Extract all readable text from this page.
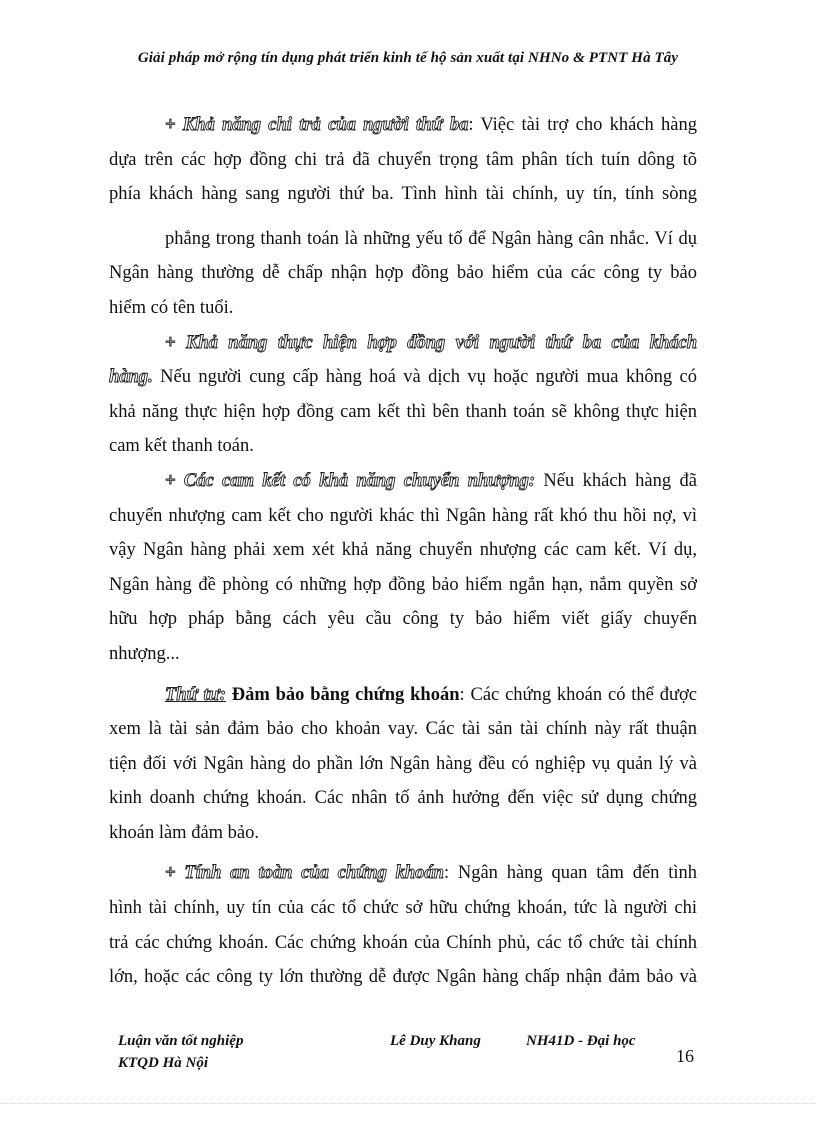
Giải pháp mở rộng tín dụng phát triển kinh tế hộ sản xuất tại NHNo & PTNT Hà Tây
+ Khả năng chi trả của người thứ ba: Việc tài trợ cho khách hàng
dựa trên các hợp đồng chi trả đã chuyển trọng tâm phân tích tuín dông tõ
phía khách hàng sang người thứ ba. Tình hình tài chính, uy tín, tính sòng
phẳng trong thanh toán là những yếu tố để Ngân hàng cân nhắc. Ví dụ
Ngân hàng thường dễ chấp nhận hợp đồng bảo hiểm của các công ty bảo
hiểm có tên tuổi.
+ Khả năng thực hiện hợp đồng với người thứ ba của khách
hàng. Nếu người cung cấp hàng hoá và dịch vụ hoặc người mua không có
khả năng thực hiện hợp đồng cam kết thì bên thanh toán sẽ không thực hiện
cam kết thanh toán.
+ Các cam kết có khả năng chuyển nhượng: Nếu khách hàng đã
chuyển nhượng cam kết cho người khác thì Ngân hàng rất khó thu hồi nợ, vì
vậy Ngân hàng phải xem xét khả năng chuyển nhượng các cam kết. Ví dụ,
Ngân hàng đề phòng có những hợp đồng bảo hiểm ngắn hạn, nắm quyền sở
hữu hợp pháp bằng cách yêu cầu công ty bảo hiểm viết giấy chuyển
nhượng...
Thứ tư: Đảm bảo bằng chứng khoán: Các chứng khoán có thể được
xem là tài sản đảm bảo cho khoản vay. Các tài sản tài chính này rất thuận
tiện đối với Ngân hàng do phần lớn Ngân hàng đều có nghiệp vụ quản lý và
kinh doanh chứng khoán. Các nhân tố ảnh hưởng đến việc sử dụng chứng
khoán làm đảm bảo.
+ Tính an toàn của chứng khoán: Ngân hàng quan tâm đến tình
hình tài chính, uy tín của các tổ chức sở hữu chứng khoán, tức là người chi
trả các chứng khoán. Các chứng khoán của Chính phủ, các tổ chức tài chính
lớn, hoặc các công ty lớn thường dễ được Ngân hàng chấp nhận đảm bảo và
Luận văn tốt nghiệp
KTQD Hà Nội
Lê Duy Khang	NH41D - Đại học
16
